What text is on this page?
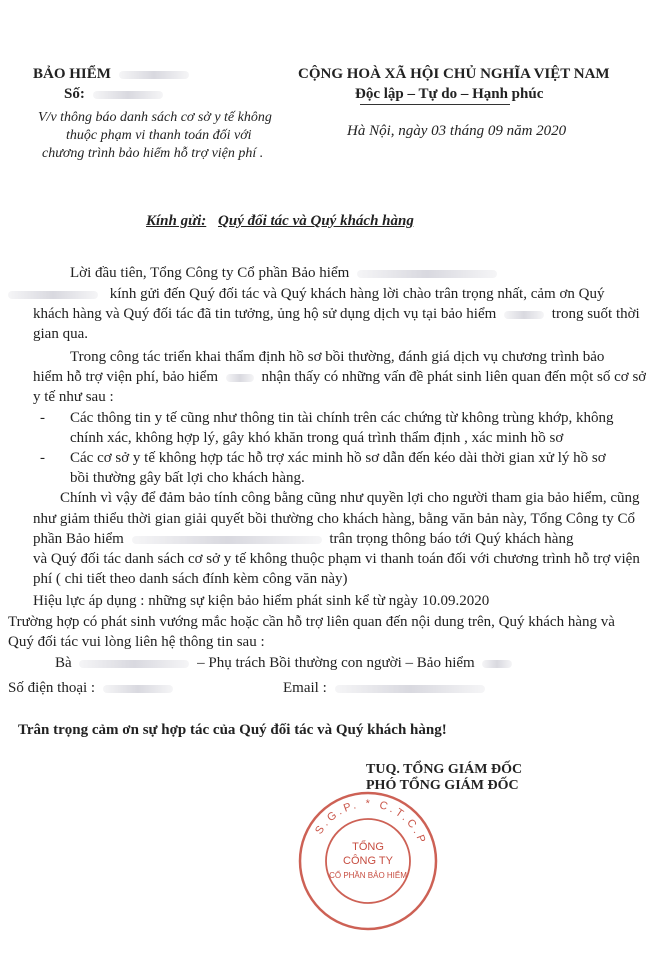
BẢO HIỂM
Số:
V/v thông báo danh sách cơ sở y tế không
thuộc phạm vi thanh toán đối với
chương trình bảo hiểm hỗ trợ viện phí .
CỘNG HOÀ XÃ HỘI CHỦ NGHĨA VIỆT NAM
Độc lập – Tự do – Hạnh phúc
Hà Nội, ngày 03 tháng 09 năm 2020
Kính gửi: Quý đối tác và Quý khách hàng
Lời đầu tiên, Tổng Công ty Cổ phần Bảo hiểm
kính gửi đến Quý đối tác và Quý khách hàng lời chào trân trọng nhất, cảm ơn Quý
khách hàng và Quý đối tác đã tin tưởng, ủng hộ sử dụng dịch vụ tại bảo hiểm	trong suốt thời
gian qua.
Trong công tác triển khai thẩm định hồ sơ bồi thường, đánh giá dịch vụ chương trình bảo
hiểm hỗ trợ viện phí, bảo hiểm	nhận thấy có những vấn đề phát sinh liên quan đến một số cơ sở
y tế như sau :
- Các thông tin y tế cũng như thông tin tài chính trên các chứng từ không trùng khớp, không
chính xác, không hợp lý, gây khó khăn trong quá trình thẩm định , xác minh hồ sơ
- Các cơ sở y tế không hợp tác hỗ trợ xác minh hồ sơ dẫn đến kéo dài thời gian xử lý hồ sơ
bồi thường gây bất lợi cho khách hàng.
Chính vì vậy để đảm bảo tính công bằng cũng như quyền lợi cho người tham gia bảo hiểm, cũng
như giảm thiểu thời gian giải quyết bồi thường cho khách hàng, bằng văn bản này, Tổng Công ty Cổ
phần Bảo hiểm	trân trọng thông báo tới Quý khách hàng
và Quý đối tác danh sách cơ sở y tế không thuộc phạm vi thanh toán đối với chương trình hỗ trợ viện
phí ( chi tiết theo danh sách đính kèm công văn này)
Hiệu lực áp dụng : những sự kiện bảo hiểm phát sinh kể từ ngày 10.09.2020
Trường hợp có phát sinh vướng mắc hoặc cần hỗ trợ liên quan đến nội dung trên, Quý khách hàng và
Quý đối tác vui lòng liên hệ thông tin sau :
Bà	– Phụ trách Bồi thường con người – Bảo hiểm
Số điện thoại :	Email :
Trân trọng cảm ơn sự hợp tác của Quý đối tác và Quý khách hàng!
TUQ. TỔNG GIÁM ĐỐC
PHÓ TỔNG GIÁM ĐỐC
S.G.P. * C.T.C.P
TỔNG
CÔNG TY
CỔ PHẦN BẢO HIỂM
